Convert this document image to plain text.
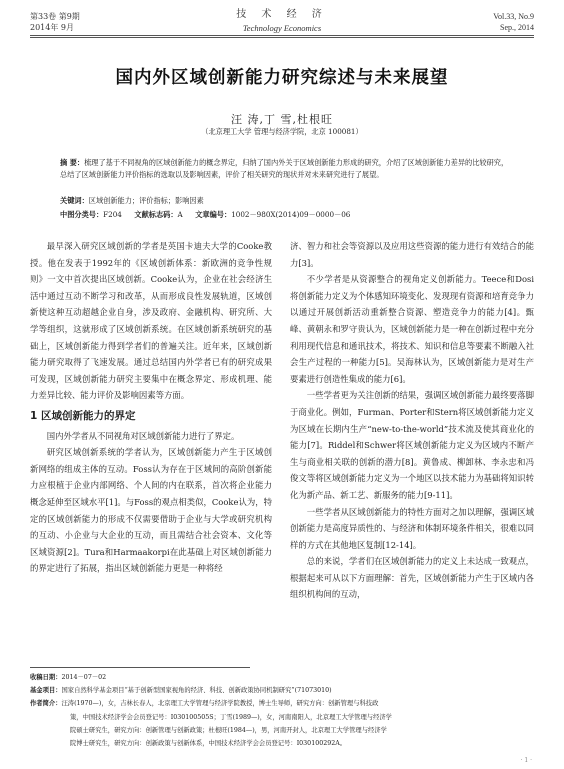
第33卷 第9期
2014年 9月
技 术 经 济
Technology Economics
Vol.33, No.9
Sep., 2014
国内外区域创新能力研究综述与未来展望
汪 涛,丁 雪,杜根旺
（北京理工大学 管理与经济学院，北京 100081）
摘 要：梳理了基于不同视角的区域创新能力的概念界定，归纳了国内外关于区域创新能力形成的研究，介绍了区域创新能力差异的比较研究，总结了区域创新能力评价指标的选取以及影响因素，评价了相关研究的现状并对未来研究进行了展望。
关键词：区域创新能力；评价指标；影响因素
中图分类号：F204 文献标志码：A 文章编号：1002－980X(2014)09－0000－06

最早深入研究区域创新的学者是英国卡迪夫大学的Cooke教授。他在发表于1992年的《区域创新体系：新欧洲的竞争性规则》一文中首次提出区域创新。Cooke认为，企业在社会经济生活中通过互动不断学习和改革，从而形成良性发展轨道，区域创新使这种互动超越企业自身，涉及政府、金融机构、研究所、大学等组织，这就形成了区域创新系统。在区域创新系统研究的基础上，区域创新能力得到学者们的普遍关注。近年来，区域创新能力研究取得了飞速发展。通过总结国内外学者已有的研究成果可发现，区域创新能力研究主要集中在概念界定、形成机理、能力差异比较、能力评价及影响因素等方面。

1 区域创新能力的界定

国内外学者从不同视角对区域创新能力进行了界定。

研究区域创新系统的学者认为，区域创新能力产生于区域创新网络的组成主体的互动。Foss认为存在于区域间的高阶创新能力应根植于企业内部网络、个人间的内在联系，首次将企业能力概念延伸至区域水平[1]。与Foss的观点相类似，Cooke认为，特定的区域创新能力的形成不仅需要借助于企业与大学或研究机构的互动、小企业与大企业的互动，而且需结合社会资本、文化等区域资源[2]。Tura和Harmaakorpi在此基础上对区域创新能力的界定进行了拓展，指出区域创新能力更是一种将经

济、智力和社会等资源以及应用这些资源的能力进行有效结合的能力[3]。

不少学者是从资源整合的视角定义创新能力。Teece和Dosi将创新能力定义为个体感知环境变化、发现现有资源和培育竞争力以通过开展创新活动重新整合资源、塑造竞争力的能力[4]。甄峰、黄朝永和罗守贵认为，区域创新能力是一种在创新过程中充分利用现代信息和通讯技术，将技术、知识和信息等要素不断融入社会生产过程的一种能力[5]。吴海林认为，区域创新能力是对生产要素进行创造性集成的能力[6]。

一些学者更为关注创新的结果，强调区域创新能力最终要落脚于商业化。例如，Furman、Porter和Stern将区域创新能力定义为区域在长期内生产“new-to-the-world”技术流及使其商业化的能力[7]。Riddel和Schwer将区域创新能力定义为区域内不断产生与商业相关联的创新的潜力[8]。黄鲁成、柳卸林、李永忠和冯俊文等将区域创新能力定义为一个地区以技术能力为基础将知识转化为新产品、新工艺、新服务的能力[9-11]。

一些学者从区域创新能力的特性方面对之加以理解，强调区域创新能力是高度异质性的、与经济和体制环境条件相关，很难以同样的方式在其他地区复制[12-14]。

总的来说，学者们在区域创新能力的定义上未达成一致观点，根据起来可从以下方面理解：首先，区域创新能力产生于区域内各组织机构间的互动，

收稿日期：2014－07－02
基金项目：国家自然科学基金项目“基于创新型国家视角的经济、科技、创新政策协同机制研究”(71073010)
作者简介：汪涛(1970—)，女，吉林长春人，北京理工大学管理与经济学院教授，博士生导师，研究方向：创新管理与科技政
策，中国技术经济学会会员登记号：I030100505S；丁雪(1989—)，女，河南南阳人，北京理工大学管理与经济学
院硕士研究生，研究方向：创新管理与创新政策；杜根旺(1984—)，男，河南开封人，北京理工大学管理与经济学
院博士研究生，研究方向：创新政策与创新体系，中国技术经济学会会员登记号：I030100292A。
· 1 ·
